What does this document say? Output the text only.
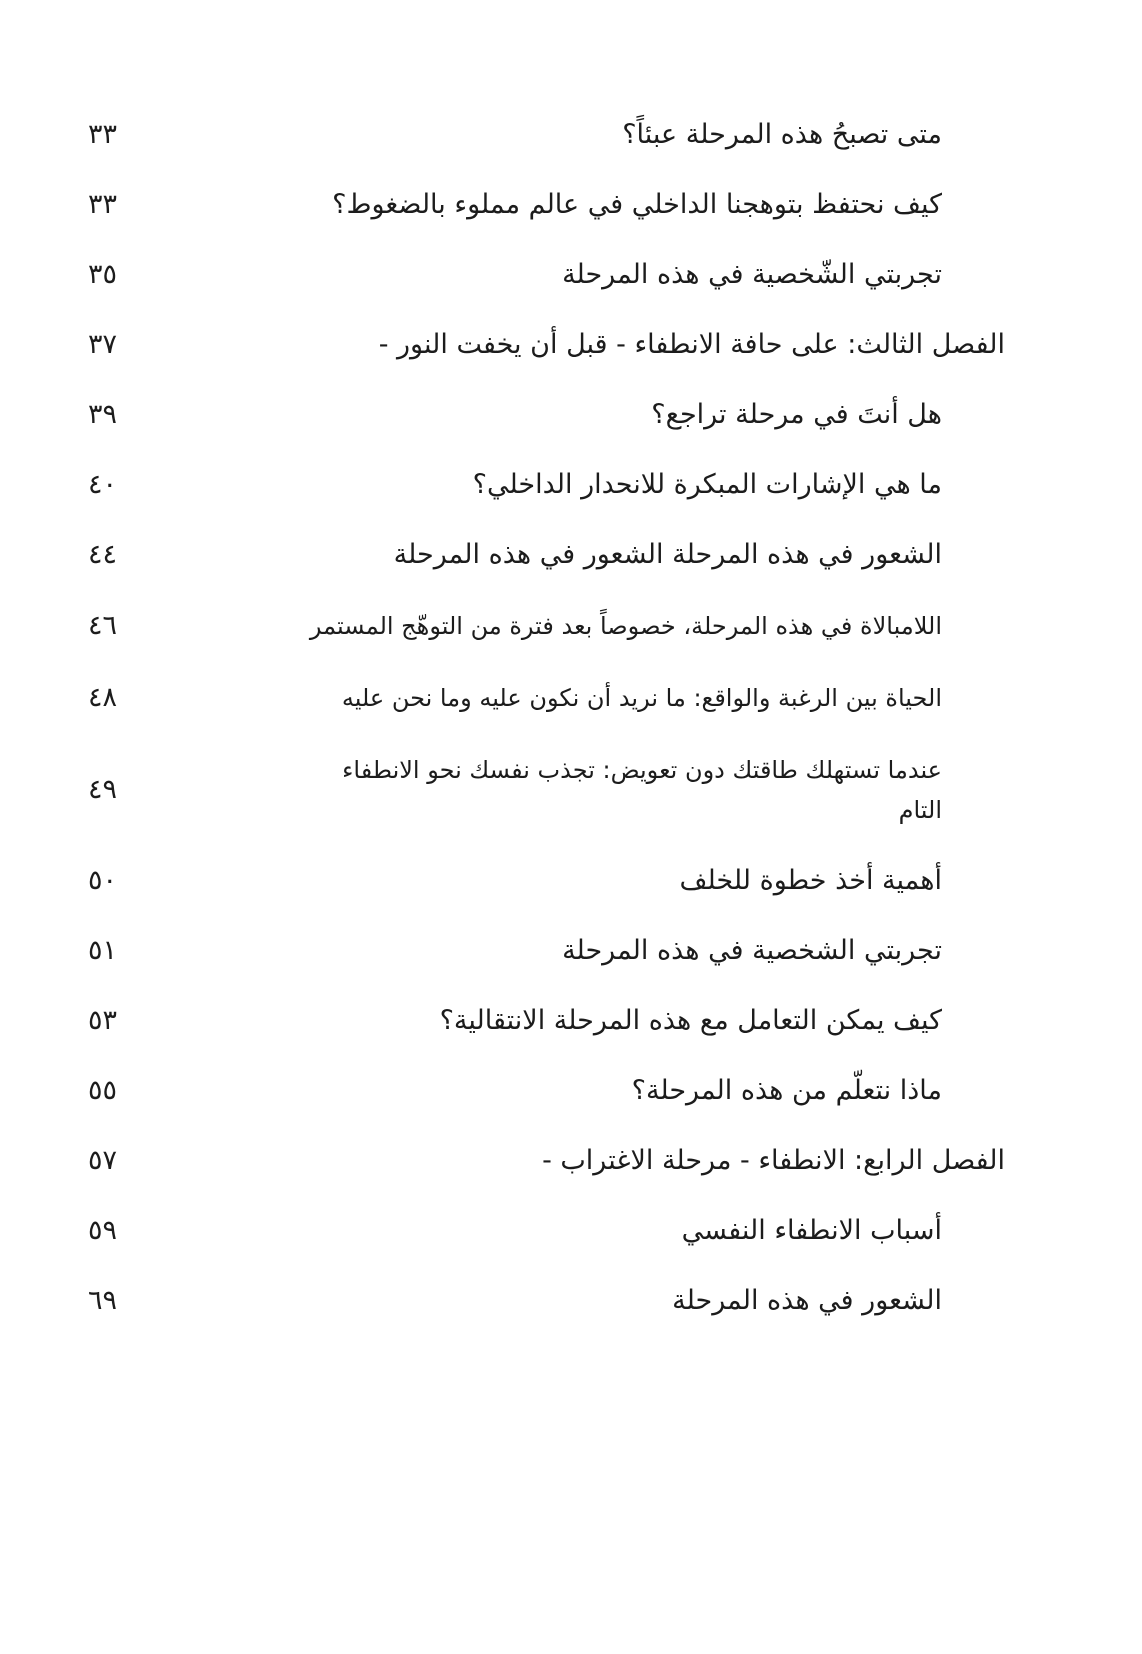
متى تصبحُ هذه المرحلة عبئاً؟
٣٣
كيف نحتفظ بتوهجنا الداخلي في عالم مملوء بالضغوط؟
٣٣
تجربتي الشّخصية في هذه المرحلة
٣٥
الفصل الثالث: على حافة الانطفاء - قبل أن يخفت النور -
٣٧
هل أنتَ في مرحلة تراجع؟
٣٩
ما هي الإشارات المبكرة للانحدار الداخلي؟
٤٠
الشعور في هذه المرحلة الشعور في هذه المرحلة
٤٤
اللامبالاة في هذه المرحلة، خصوصاً بعد فترة من التوهّج المستمر
٤٦
الحياة بين الرغبة والواقع: ما نريد أن نكون عليه وما نحن عليه
٤٨
عندما تستهلك طاقتك دون تعويض: تجذب نفسك نحو الانطفاء
التام
٤٩
أهمية أخذ خطوة للخلف
٥٠
تجربتي الشخصية في هذه المرحلة
٥١
كيف يمكن التعامل مع هذه المرحلة الانتقالية؟
٥٣
ماذا نتعلّم من هذه المرحلة؟
٥٥
الفصل الرابع: الانطفاء - مرحلة الاغتراب -
٥٧
أسباب الانطفاء النفسي
٥٩
الشعور في هذه المرحلة
٦٩
